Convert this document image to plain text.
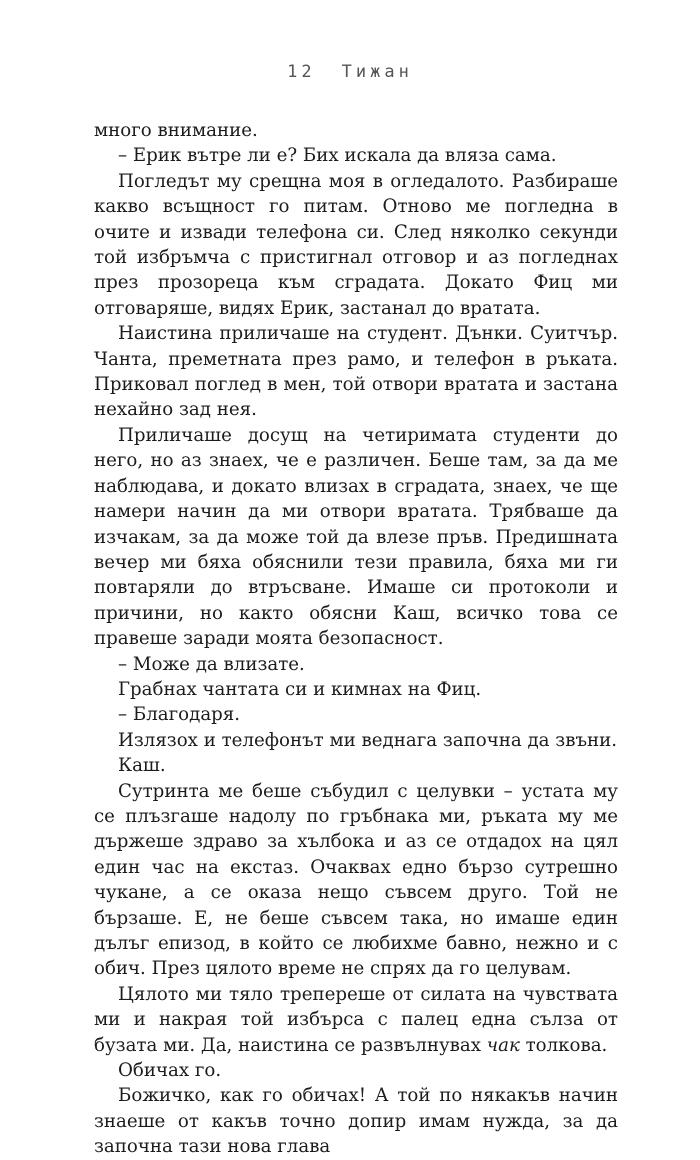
12 Тижан

много внимание.

– Ерик вътре ли е? Бих искала да вляза сама.

Погледът му срещна моя в огледалото. Разбираше какво всъщност го питам. Отново ме погледна в очите и извади телефона си. След няколко секунди той избръмча с пристигнал отговор и аз погледнах през прозореца към сградата. Докато Фиц ми отговаряше, видях Ерик, застанал до вратата.

Наистина приличаше на студент. Дънки. Суитчър. Чанта, преметната през рамо, и телефон в ръката. Приковал поглед в мен, той отвори вратата и застана нехайно зад нея.

Приличаше досущ на четиримата студенти до него, но аз знаех, че е различен. Беше там, за да ме наблюдава, и докато влизах в сградата, знаех, че ще намери начин да ми отвори вратата. Трябваше да изчакам, за да може той да влезе пръв. Предишната вечер ми бяха обяснили тези правила, бяха ми ги повтаряли до втръсване. Имаше си протоколи и причини, но както обясни Каш, всичко това се правеше заради моята безопасност.

– Може да влизате.

Грабнах чантата си и кимнах на Фиц.

– Благодаря.

Излязох и телефонът ми веднага започна да звъни.

Каш.

Сутринта ме беше събудил с целувки – устата му се плъзгаше надолу по гръбнака ми, ръката му ме държеше здраво за хълбока и аз се отдадох на цял един час на екстаз. Очаквах едно бързо сутрешно чукане, а се оказа нещо съвсем друго. Той не бързаше. Е, не беше съвсем така, но имаше един дълъг епизод, в който се любихме бавно, нежно и с обич. През цялото време не спрях да го целувам.

Цялото ми тяло трепереше от силата на чувствата ми и накрая той избърса с палец една сълза от бузата ми. Да, наистина се развълнувах чак толкова.

Обичах го.

Божичко, как го обичах! А той по някакъв начин знаеше от какъв точно допир имам нужда, за да започна тази нова глава
